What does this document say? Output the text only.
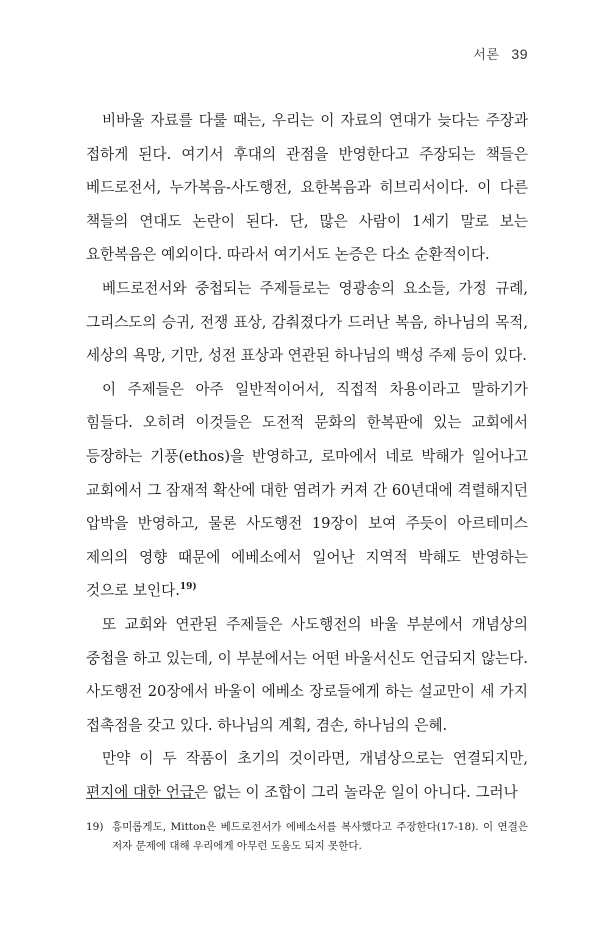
서론 39

비바울 자료를 다룰 때는, 우리는 이 자료의 연대가 늦다는 주장과 접하게 된다. 여기서 후대의 관점을 반영한다고 주장되는 책들은 베드로전서, 누가복음-사도행전, 요한복음과 히브리서이다. 이 다른 책들의 연대도 논란이 된다. 단, 많은 사람이 1세기 말로 보는 요한복음은 예외이다. 따라서 여기서도 논증은 다소 순환적이다.

베드로전서와 중첩되는 주제들로는 영광송의 요소들, 가정 규례, 그리스도의 승귀, 전쟁 표상, 감춰졌다가 드러난 복음, 하나님의 목적, 세상의 욕망, 기만, 성전 표상과 연관된 하나님의 백성 주제 등이 있다.

이 주제들은 아주 일반적이어서, 직접적 차용이라고 말하기가 힘들다. 오히려 이것들은 도전적 문화의 한복판에 있는 교회에서 등장하는 기풍(ethos)을 반영하고, 로마에서 네로 박해가 일어나고 교회에서 그 잠재적 확산에 대한 염려가 커져 간 60년대에 격렬해지던 압박을 반영하고, 물론 사도행전 19장이 보여 주듯이 아르테미스 제의의 영향 때문에 에베소에서 일어난 지역적 박해도 반영하는 것으로 보인다.$^{19)}$

또 교회와 연관된 주제들은 사도행전의 바울 부분에서 개념상의 중첩을 하고 있는데, 이 부분에서는 어떤 바울서신도 언급되지 않는다. 사도행전 20장에서 바울이 에베소 장로들에게 하는 설교만이 세 가지 접촉점을 갖고 있다. 하나님의 계획, 겸손, 하나님의 은혜.

만약 이 두 작품이 초기의 것이라면, 개념상으로는 연결되지만, 편지에 대한 언급은 없는 이 조합이 그리 놀라운 일이 아니다. 그러나

19) 흥미롭게도, Mitton은 베드로전서가 에베소서를 복사했다고 주장한다(17-18). 이 연결은 저자 문제에 대해 우리에게 아무런 도움도 되지 못한다.
